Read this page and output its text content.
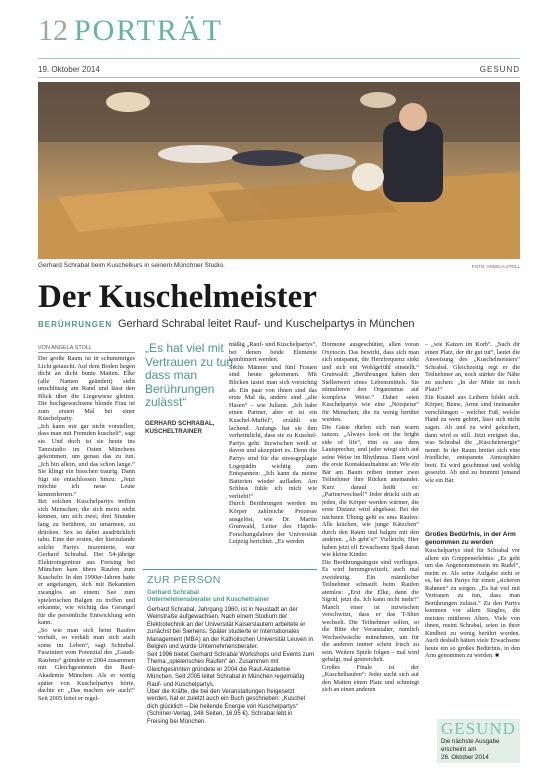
12 PORTRÄT
19. Oktober 2014	GESUND
Gerhard Schrabal beim Kuschelkurs in seinem Münchner Studio.	FOTO: ANGELA STOLL
Der Kuschelmeister
BERÜHRUNGEN Gerhard Schrabal leitet Rauf- und Kuschelpartys in München
VON ANGELA STOLL
Der große Raum ist in schummriges Licht getaucht. Auf dem Boden liegen dicht an dicht bunte Matten. Elke (alle Namen geändert) steht unschlüssig am Rand und lässt den Blick über die Liegewiese gleiten. Die hochgewachsene blonde Frau ist zum ersten Mal bei einer Kuschelparty.
„Ich kann mir gar nicht vorstellen, dass man mit Fremden kuschelt“, sagt sie. Und doch ist sie heute ins Tanzstudio im Osten Münchens gekommen, um genau das zu tun. „Ich bin allein, und das schon lange.“ Sie klingt ein bisschen traurig. Dann fügt sie entschlossen hinzu: „Jetzt möchte ich neue Leute kennenlernen.“
Bei solchen Kuschelpartys treffen sich Menschen, die sich meist nicht kennen, um sich zwei, drei Stunden lang zu berühren, zu umarmen, zu drücken. Sex ist dabei ausdrücklich tabu. Eine der ersten, der hierzulande solche Partys inszenierte, war Gerhard Schrabal. Der 54-jährige Elektroingenieur aus Freising bei München kam übers Raufen zum Kuscheln: In den 1990er-Jahren hatte er angefangen, sich mit Bekannten zwanglos an einem See zum spielerischen Balgen zu treffen und erkannte, wie wichtig das Gerangel für die persönliche Entwicklung sein kann.
„So wie man sich beim Raufen verhält, so verhält man sich auch sonst im Leben“, sagt Schrabal. Fasziniert vom Potenzial des „Gaudi-Raufens“ gründete er 2004 zusammen mit Gleichgesinnten die Rauf-Akademie München. Als er wenig später von Kuschelpartys hörte, dachte er: „Das machen wir auch!“ Seit 2005 leitet er regel-
„Es hat viel mit Vertrauen zu tun, dass man Berührungen zulässt“
GERHARD SCHRABAL, KUSCHELTRAINER
mäßig „Rauf- und Kuschelpartys“, bei denen beide Elemente kombiniert werden.
Sechs Männer und fünf Frauen sind heute gekommen. Mit Blicken tastet man sich vorsichtig ab. Ein paar von ihnen sind das erste Mal da, andere sind „alte Hasen“ – wie Juliane. „Ich habe einen Partner, aber er ist ein Kuschel-Muffel“, erzählt sie lachend. Anfangs hat sie ihm verheimlicht, dass sie zu Kuschel-Partys geht. Inzwischen weiß er davon und akzeptiert es. Denn die Partys sind für die stressgeplagte Logopädin wichtig zum Entspannen: „Ich kann da meine Batterien wieder aufladen. Am Schluss fühle ich mich wie verliebt!“
Durch Berührungen werden im Körper zahlreiche Prozesse ausgelöst, wie Dr. Martin Grunwald, Leiter des Haptik-Forschungslabors der Universität Leipzig berichtet. „Es werden
Hormone ausgeschüttet, allen voran Oxytocin. Das bewirkt, dass sich man sich entspannt, die Herzfrequenz sinkt und sich ein Wohlgefühl einstellt.“ Grunwald: „Berührungen haben den Stellenwert eines Lebensmittels. Sie stimulieren den Organismus auf komplexe Weise.“ Daher seien Kuschelpartys wie eine „Notspeise“ für Menschen, die zu wenig berührt werden.
Die Gäste dürfen sich nun warm tanzen. „Always look on the bright side of life“, tönt es aus dem Lautsprecher, und jeder wiegt sich auf seine Weise im Rhythmus. Dann wird die erste Kontaktaufnahme an: Wie ein Bär am Baum reiben immer zwei Teilnehmer ihre Rücken aneinander. Kurz darauf heißt es: „Partnerwechsel!“ Jeder drückt sich an jeden, die Körper werden wärmer, die erste Distanz wird abgebaut. Bei der nächsten Übung geht es ums Raufen: Alle krächen, wie junge Kätzchen“ durch den Raum und balgen mit den anderen. „Ab geht’s!“ Vielleicht, Hier haben jetzt elf Erwachsene Spaß daran wie kleine Kinder.
Die Berührungsängste sind verflogen. Es wird herumgewitzelt, auch mal zweideutig. Ein männlicher Teilnehmer schnauft beim Raufen atemlos: „Erst die Elke, dann die Sigrid, jetzt du. Ich kann nicht mehr!“ Manch einer ist inzwischen verschwitzt, dass er das T-Shirt wechselt. Die Teilnehmer sollen, so die Bitte der Veranstalter, nämlich Wechselwäsche mitnehmen, um für die anderen immer schön frisch zu sein. Weitere Spiele folgen – mal wird gebalgt, mal gestreichelt.
Großes Finale ist der „Kuschelhaufen“: Jeder sucht sich auf den Matten einen Platz und schmiegt sich an einen anderen
– „wie Katzen im Korb“. „Such dir einen Platz, der dir gut tut“, lautet die Anweisung des „Kuschelmeisters“ Schrabal. Gleichzeitig regt er die Teilnehmer an, noch stärker die Nähe zu suchen: „In der Mitte ist noch Platz!“
Ein Knäuel aus Leibern bildet sich. Körper, Beine, Arme sind ineinander verschlungen – welcher Fuß, welche Hand zu wem gehört, lässt sich nicht sagen. Ab und zu wird gekichert, dann wird es still. Jetzt ereignet das, was Schrabal die „Kuschelenergie“ nennt: In der Raum breitet sich eine friedliche, entspannte Atmosphäre breit. Es wird geschmust und wohlig geseufzt. Ab und zu brummt jemand wie ein Bär.
Großes Bedürfnis, in der Arm genommen zu werden
Kuschelpartys sind für Schrabal vor allem ein Gruppenerlebnis: „Es geht um das Angenommensein im Rudel“, meint er. Als seine Aufgabe sieht er es, bei den Partys für einen „sicheren Rahmen“ zu sorgen. „Es hat viel mit Vertrauen zu tun, dass man Berührungen zulässt.“ Zu den Partys kommen vor allem Singles, die meisten mittleren Alters. Viele von ihnen, meint Schrabal, seien in ihrer Kindheit zu wenig berührt worden. Auch deshalb hätten viele Erwachsene heute ein so großes Bedürfnis, in den Arm genommen zu werden. ■
ZUR PERSON
Gerhard Schrabal
Unternehmensberater und Kuscheltrainer
Gerhard Schrabal, Jahrgang 1960, ist in Neustadt an der Weinstraße aufgewachsen. Nach einem Studium der Elektrotechnik an der Universität Kaiserslautern arbeitete er zunächst bei Siemens. Später studierte er Internationales Management (MBA) an der Katholischen Universität Leuven in Belgien und wurde Unternehmensberater.
Seit 1996 bietet Gerhard Schrabal Workshops und Events zum Thema „spielerisches Raufen“ an. Zusammen mit Gleichgesinnten gründete er 2004 die Rauf-Akademie München. Seit 2005 leitet Schrabal in München regelmäßig Rauf- und Kuschelpartys.
Über die Kräfte, die bei den Veranstaltungen freigesetzt werden, hat er zuletzt auch ein Buch geschrieben: „Kuschel dich glücklich – Die heilende Energie von Kuschelpartys“ (Schirner-Verlag, 248 Seiten, 16,95 €). Schrabal lebt in Freising bei München.	GESUND
Die nächste Ausgabe
erscheint am
26. Oktober 2014
